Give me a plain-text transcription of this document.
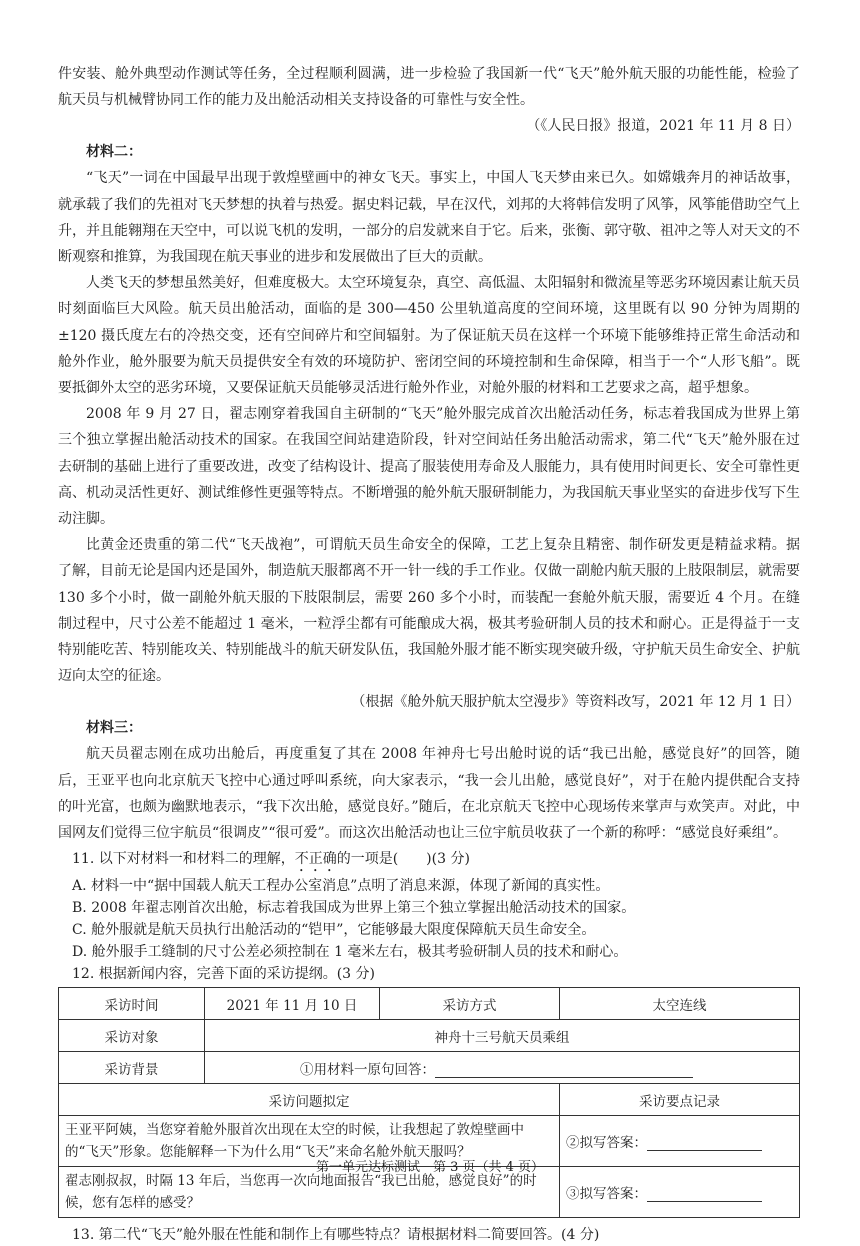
件安装、舱外典型动作测试等任务，全过程顺利圆满，进一步检验了我国新一代“飞天”舱外航天服的功能性能，检验了航天员与机械臂协同工作的能力及出舱活动相关支持设备的可靠性与安全性。

（《人民日报》报道，2021 年 11 月 8 日）

材料二：

“飞天”一词在中国最早出现于敦煌壁画中的神女飞天。事实上，中国人飞天梦由来已久。如嫦娥奔月的神话故事，就承载了我们的先祖对飞天梦想的执着与热爱。据史料记载，早在汉代，刘邦的大将韩信发明了风筝，风筝能借助空气上升，并且能翱翔在天空中，可以说飞机的发明，一部分的启发就来自于它。后来，张衡、郭守敬、祖冲之等人对天文的不断观察和推算，为我国现在航天事业的进步和发展做出了巨大的贡献。

人类飞天的梦想虽然美好，但难度极大。太空环境复杂，真空、高低温、太阳辐射和微流星等恶劣环境因素让航天员时刻面临巨大风险。航天员出舱活动，面临的是 300—450 公里轨道高度的空间环境，这里既有以 90 分钟为周期的 ±120 摄氏度左右的冷热交变，还有空间碎片和空间辐射。为了保证航天员在这样一个环境下能够维持正常生命活动和舱外作业，舱外服要为航天员提供安全有效的环境防护、密闭空间的环境控制和生命保障，相当于一个“人形飞船”。既要抵御外太空的恶劣环境，又要保证航天员能够灵活进行舱外作业，对舱外服的材料和工艺要求之高，超乎想象。

2008 年 9 月 27 日，翟志刚穿着我国自主研制的“飞天”舱外服完成首次出舱活动任务，标志着我国成为世界上第三个独立掌握出舱活动技术的国家。在我国空间站建造阶段，针对空间站任务出舱活动需求，第二代“飞天”舱外服在过去研制的基础上进行了重要改进，改变了结构设计、提高了服装使用寿命及人服能力，具有使用时间更长、安全可靠性更高、机动灵活性更好、测试维修性更强等特点。不断增强的舱外航天服研制能力，为我国航天事业坚实的奋进步伐写下生动注脚。

比黄金还贵重的第二代“飞天战袍”，可谓航天员生命安全的保障，工艺上复杂且精密、制作研发更是精益求精。据了解，目前无论是国内还是国外，制造航天服都离不开一针一线的手工作业。仅做一副舱内航天服的上肢限制层，就需要 130 多个小时，做一副舱外航天服的下肢限制层，需要 260 多个小时，而装配一套舱外航天服，需要近 4 个月。在缝制过程中，尺寸公差不能超过 1 毫米，一粒浮尘都有可能酿成大祸，极其考验研制人员的技术和耐心。正是得益于一支特别能吃苦、特别能攻关、特别能战斗的航天研发队伍，我国舱外服才能不断实现突破升级，守护航天员生命安全、护航迈向太空的征途。

（根据《舱外航天服护航太空漫步》等资料改写，2021 年 12 月 1 日）

材料三：

航天员翟志刚在成功出舱后，再度重复了其在 2008 年神舟七号出舱时说的话“我已出舱，感觉良好”的回答，随后，王亚平也向北京航天飞控中心通过呼叫系统，向大家表示，“我一会儿出舱，感觉良好”，对于在舱内提供配合支持的叶光富，也颇为幽默地表示，“我下次出舱，感觉良好。”随后，在北京航天飞控中心现场传来掌声与欢笑声。对此，中国网友们觉得三位宇航员“很调皮”“很可爱”。而这次出舱活动也让三位宇航员收获了一个新的称呼：“感觉良好乘组”。

11. 以下对材料一和材料二的理解，不正确的一项是(　　)(3 分)

A. 材料一中“据中国载人航天工程办公室消息”点明了消息来源，体现了新闻的真实性。

B. 2008 年翟志刚首次出舱，标志着我国成为世界上第三个独立掌握出舱活动技术的国家。

C. 舱外服就是航天员执行出舱活动的“铠甲”，它能够最大限度保障航天员生命安全。

D. 舱外服手工缝制的尺寸公差必须控制在 1 毫米左右，极其考验研制人员的技术和耐心。

12. 根据新闻内容，完善下面的采访提纲。(3 分)

采访时间	2021 年 11 月 10 日	采访方式	太空连线
采访对象	神舟十三号航天员乘组		
采访背景	①用材料一原句回答：		
采访问题拟定			采访要点记录
王亚平阿姨，当您穿着舱外服首次出现在太空的时候，让我想起了敦煌壁画中的“飞天”形象。您能解释一下为什么用“飞天”来命名舱外航天服吗？			②拟写答案：
翟志刚叔叔，时隔 13 年后，当您再一次向地面报告“我已出舱，感觉良好”的时候，您有怎样的感受？			③拟写答案：

13. 第二代“飞天”舱外服在性能和制作上有哪些特点？请根据材料二简要回答。(4 分)

第一单元达标测试　第 3 页（共 4 页）
